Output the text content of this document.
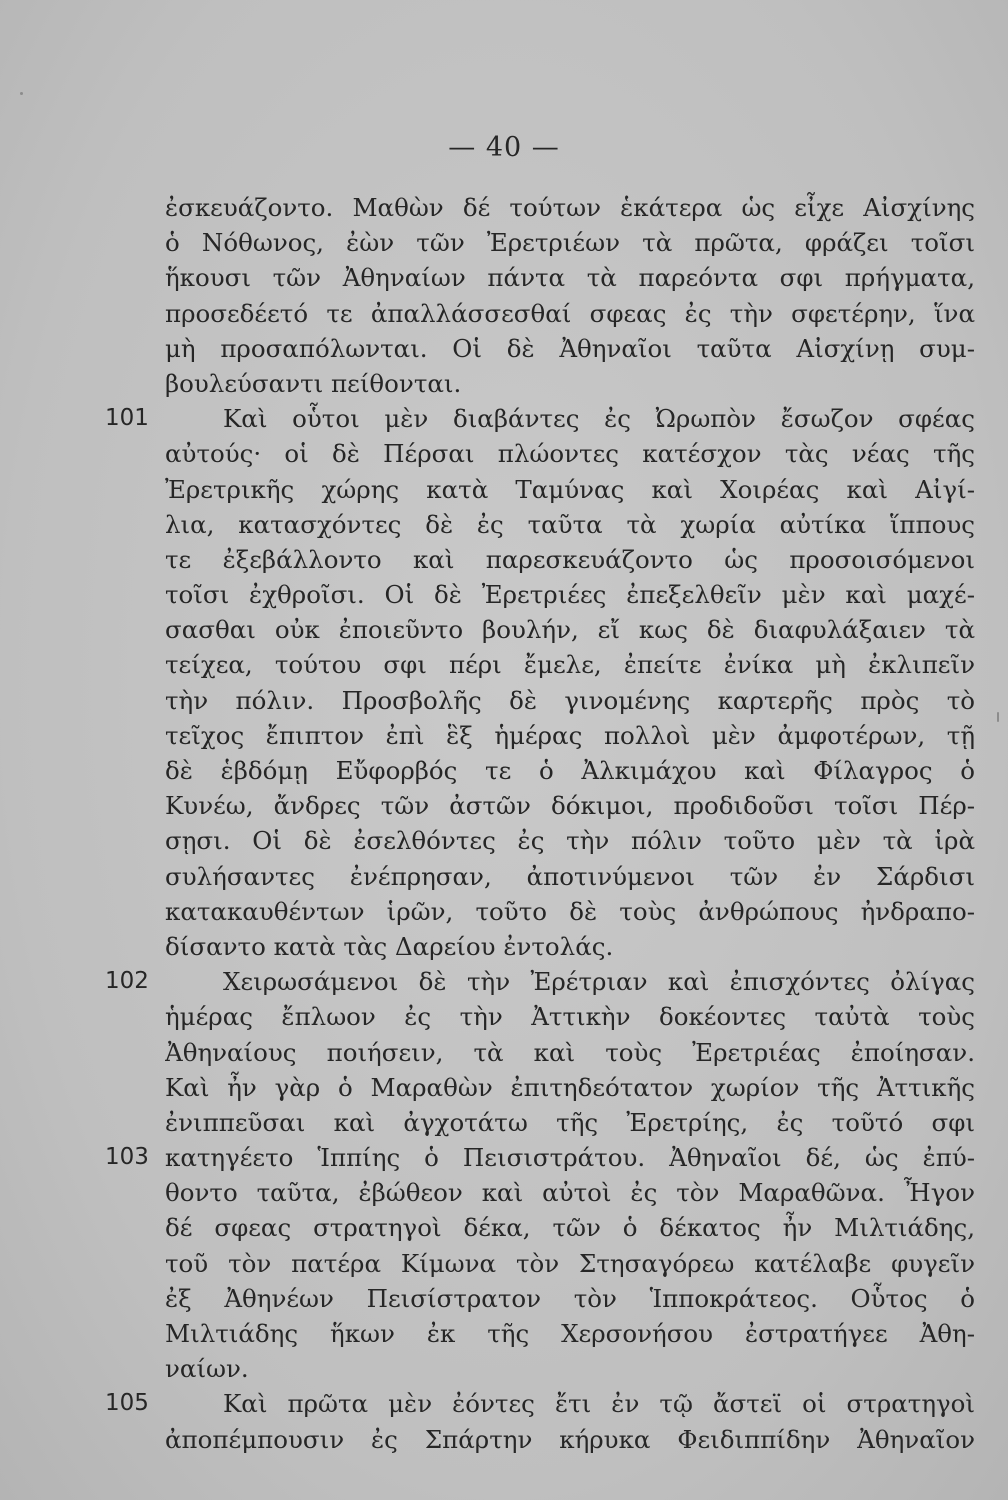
— 40 —
101
102
103
105
ἐσκευάζοντο. Μαθὼν δέ τούτων ἑκάτερα ὡς εἶχε Αἰσχίνης
ὁ Νόθωνος, ἐὼν τῶν Ἐρετριέων τὰ πρῶτα, φράζει τοῖσι
ἥκουσι τῶν Ἀθηναίων πάντα τὰ παρεόντα σφι πρήγματα,
προσεδέετό τε ἀπαλλάσσεσθαί σφεας ἐς τὴν σφετέρην, ἵνα
μὴ προσαπόλωνται. Οἱ δὲ Ἀθηναῖοι ταῦτα Αἰσχίνῃ συμ-
βουλεύσαντι πείθονται.
Καὶ οὗτοι μὲν διαβάντες ἐς Ὠρωπὸν ἔσωζον σφέας
αὐτούς· οἱ δὲ Πέρσαι πλώοντες κατέσχον τὰς νέας τῆς
Ἐρετρικῆς χώρης κατὰ Ταμύνας καὶ Χοιρέας καὶ Αἰγί-
λια, κατασχόντες δὲ ἐς ταῦτα τὰ χωρία αὐτίκα ἵππους
τε ἐξεβάλλοντο καὶ παρεσκευάζοντο ὡς προσοισόμενοι
τοῖσι ἐχθροῖσι. Οἱ δὲ Ἐρετριέες ἐπεξελθεῖν μὲν καὶ μαχέ-
σασθαι οὐκ ἐποιεῦντο βουλήν, εἴ κως δὲ διαφυλάξαιεν τὰ
τείχεα, τούτου σφι πέρι ἔμελε, ἐπείτε ἐνίκα μὴ ἐκλιπεῖν
τὴν πόλιν. Προσβολῆς δὲ γινομένης καρτερῆς πρὸς τὸ
τεῖχος ἔπιπτον ἐπὶ ἓξ ἡμέρας πολλοὶ μὲν ἀμφοτέρων, τῇ
δὲ ἑβδόμῃ Εὔφορβός τε ὁ Ἀλκιμάχου καὶ Φίλαγρος ὁ
Κυνέω, ἄνδρες τῶν ἀστῶν δόκιμοι, προδιδοῦσι τοῖσι Πέρ-
σῃσι. Οἱ δὲ ἐσελθόντες ἐς τὴν πόλιν τοῦτο μὲν τὰ ἱρὰ
συλήσαντες ἐνέπρησαν, ἀποτινύμενοι τῶν ἐν Σάρδισι
κατακαυθέντων ἱρῶν, τοῦτο δὲ τοὺς ἀνθρώπους ἠνδραπο-
δίσαντο κατὰ τὰς Δαρείου ἐντολάς.
Χειρωσάμενοι δὲ τὴν Ἐρέτριαν καὶ ἐπισχόντες ὀλίγας
ἡμέρας ἔπλωον ἐς τὴν Ἀττικὴν δοκέοντες ταὐτὰ τοὺς
Ἀθηναίους ποιήσειν, τὰ καὶ τοὺς Ἐρετριέας ἐποίησαν.
Καὶ ἦν γὰρ ὁ Μαραθὼν ἐπιτηδεότατον χωρίον τῆς Ἀττικῆς
ἐνιππεῦσαι καὶ ἀγχοτάτω τῆς Ἐρετρίης, ἐς τοῦτό σφι
κατηγέετο Ἱππίης ὁ Πεισιστράτου. Ἀθηναῖοι δέ, ὡς ἐπύ-
θοντο ταῦτα, ἐβώθεον καὶ αὐτοὶ ἐς τὸν Μαραθῶνα. Ἦγον
δέ σφεας στρατηγοὶ δέκα, τῶν ὁ δέκατος ἦν Μιλτιάδης,
τοῦ τὸν πατέρα Κίμωνα τὸν Στησαγόρεω κατέλαβε φυγεῖν
ἐξ Ἀθηνέων Πεισίστρατον τὸν Ἱπποκράτεος. Οὗτος ὁ
Μιλτιάδης ἥκων ἐκ τῆς Χερσονήσου ἐστρατήγεε Ἀθη-
ναίων.
Καὶ πρῶτα μὲν ἐόντες ἔτι ἐν τῷ ἄστεϊ οἱ στρατηγοὶ
ἀποπέμπουσιν ἐς Σπάρτην κήρυκα Φειδιππίδην Ἀθηναῖον
